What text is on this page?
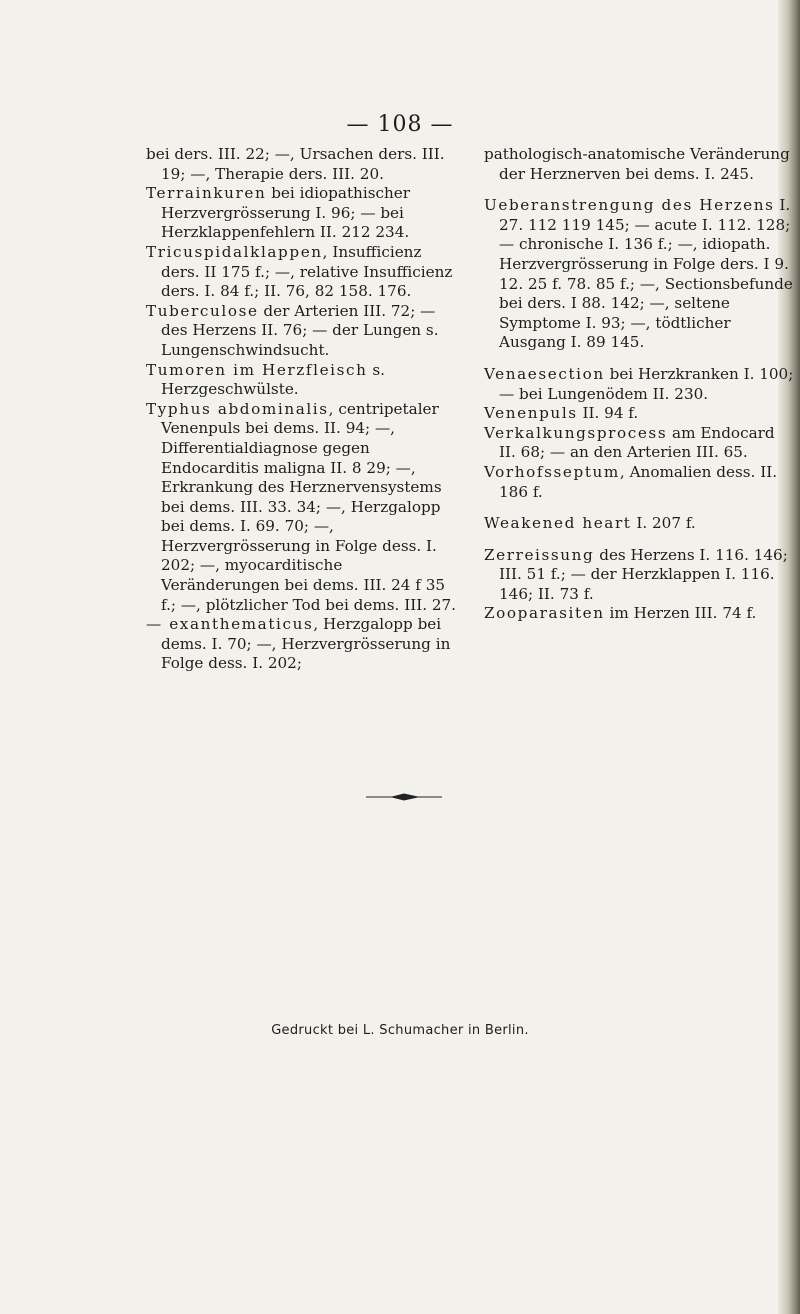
— 108 —

bei ders. III. 22; —, Ursachen ders. III. 19; —, Therapie ders. III. 20.

Terrainkuren bei idiopathischer Herzvergrösserung I. 96; — bei Herzklappenfehlern II. 212 234.

Tricuspidalklappen, Insufficienz ders. II 175 f.; —, relative Insufficienz ders. I. 84 f.; II. 76, 82 158. 176.

Tuberculose der Arterien III. 72; — des Herzens II. 76; — der Lungen s. Lungenschwindsucht.

Tumoren im Herzfleisch s. Herzgeschwülste.

Typhus abdominalis, centripetaler Venenpuls bei dems. II. 94; —, Differentialdiagnose gegen Endocarditis maligna II. 8 29; —, Erkrankung des Herznervensystems bei dems. III. 33. 34; —, Herzgalopp bei dems. I. 69. 70; —, Herzvergrösserung in Folge dess. I. 202; —, myocarditische Veränderungen bei dems. III. 24 f 35 f.; —, plötzlicher Tod bei dems. III. 27.

— exanthematicus, Herzgalopp bei dems. I. 70; —, Herzvergrösserung in Folge dess. I. 202;

pathologisch-anatomische Veränderung der Herznerven bei dems. I. 245.

Ueberanstrengung des Herzens I. 27. 112 119 145; — acute I. 112. 128; — chronische I. 136 f.; —, idiopath. Herzvergrösserung in Folge ders. I 9. 12. 25 f. 78. 85 f.; —, Sectionsbefunde bei ders. I 88. 142; —, seltene Symptome I. 93; —, tödtlicher Ausgang I. 89 145.

Venaesection bei Herzkranken I. 100; — bei Lungenödem II. 230.

Venenpuls II. 94 f.

Verkalkungsprocess am Endocard II. 68; — an den Arterien III. 65.

Vorhofsseptum, Anomalien dess. II. 186 f.

Weakened heart I. 207 f.

Zerreissung des Herzens I. 116. 146; III. 51 f.; — der Herzklappen I. 116. 146; II. 73 f.

Zooparasiten im Herzen III. 74 f.

Gedruckt bei L. Schumacher in Berlin.
